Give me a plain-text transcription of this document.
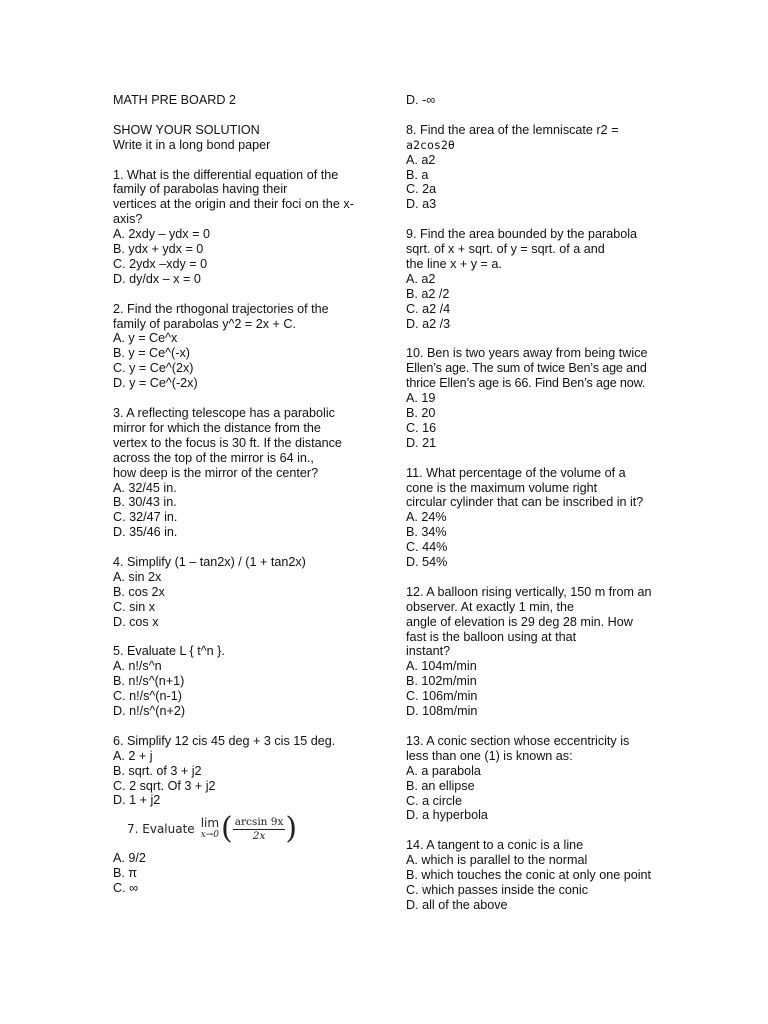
MATH PRE BOARD 2
SHOW YOUR SOLUTION
Write it in a long bond paper
1. What is the differential equation of the
family of parabolas having their
vertices at the origin and their foci on the x-
axis?
A. 2xdy – ydx = 0
B. ydx + ydx = 0
C. 2ydx –xdy = 0
D. dy/dx – x = 0
2. Find the rthogonal trajectories of the
family of parabolas y^2 = 2x + C.
A. y = Ce^x
B. y = Ce^(-x)
C. y = Ce^(2x)
D. y = Ce^(-2x)
3. A reflecting telescope has a parabolic
mirror for which the distance from the
vertex to the focus is 30 ft. If the distance
across the top of the mirror is 64 in.,
how deep is the mirror of the center?
A. 32/45 in.
B. 30/43 in.
C. 32/47 in.
D. 35/46 in.
4. Simplify (1 – tan2x) / (1 + tan2x)
A. sin 2x
B. cos 2x
C. sin x
D. cos x
5. Evaluate L { t^n }.
A. n!/s^n
B. n!/s^(n+1)
C. n!/s^(n-1)
D. n!/s^(n+2)
6. Simplify 12 cis 45 deg + 3 cis 15 deg.
A. 2 + j
B. sqrt. of 3 + j2
C. 2 sqrt. Of 3 + j2
D. 1 + j2
7. Evaluate lim
x→0 ( $\frac{\arcsin 9x}{2x}$ )
A. 9/2
B. π
C. ∞
D. -∞
8. Find the area of the lemniscate r2 =
a2cos2θ
A. a2
B. a
C. 2a
D. a3
9. Find the area bounded by the parabola
sqrt. of x + sqrt. of y = sqrt. of a and
the line x + y = a.
A. a2
B. a2 /2
C. a2 /4
D. a2 /3
10. Ben is two years away from being twice
Ellen’s age. The sum of twice Ben’s age and
thrice Ellen’s age is 66. Find Ben’s age now.
A. 19
B. 20
C. 16
D. 21
11. What percentage of the volume of a
cone is the maximum volume right
circular cylinder that can be inscribed in it?
A. 24%
B. 34%
C. 44%
D. 54%
12. A balloon rising vertically, 150 m from an
observer. At exactly 1 min, the
angle of elevation is 29 deg 28 min. How
fast is the balloon using at that
instant?
A. 104m/min
B. 102m/min
C. 106m/min
D. 108m/min
13. A conic section whose eccentricity is
less than one (1) is known as:
A. a parabola
B. an ellipse
C. a circle
D. a hyperbola
14. A tangent to a conic is a line
A. which is parallel to the normal
B. which touches the conic at only one point
C. which passes inside the conic
D. all of the above
